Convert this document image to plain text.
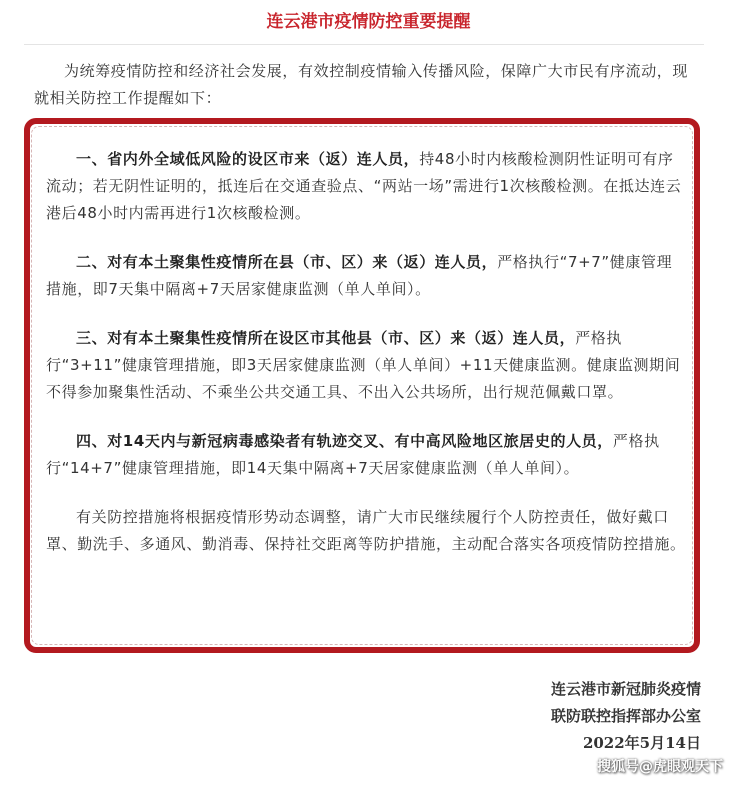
连云港市疫情防控重要提醒
为统筹疫情防控和经济社会发展，有效控制疫情输入传播风险，保障广大市民有序流动，现就相关防控工作提醒如下：

一、省内外全域低风险的设区市来（返）连人员，持48小时内核酸检测阴性证明可有序流动；若无阴性证明的，抵连后在交通查验点、“两站一场”需进行1次核酸检测。在抵达连云港后48小时内需再进行1次核酸检测。

二、对有本土聚集性疫情所在县（市、区）来（返）连人员，严格执行“7+7”健康管理措施，即7天集中隔离+7天居家健康监测（单人单间）。

三、对有本土聚集性疫情所在设区市其他县（市、区）来（返）连人员，严格执行“3+11”健康管理措施，即3天居家健康监测（单人单间）+11天健康监测。健康监测期间不得参加聚集性活动、不乘坐公共交通工具、不出入公共场所，出行规范佩戴口罩。

四、对14天内与新冠病毒感染者有轨迹交叉、有中高风险地区旅居史的人员，严格执行“14+7”健康管理措施，即14天集中隔离+7天居家健康监测（单人单间）。

有关防控措施将根据疫情形势动态调整，请广大市民继续履行个人防控责任，做好戴口罩、勤洗手、多通风、勤消毒、保持社交距离等防护措施，主动配合落实各项疫情防控措施。

连云港市新冠肺炎疫情
联防联控指挥部办公室
2022年5月14日
搜狐号@虎眼观天下
